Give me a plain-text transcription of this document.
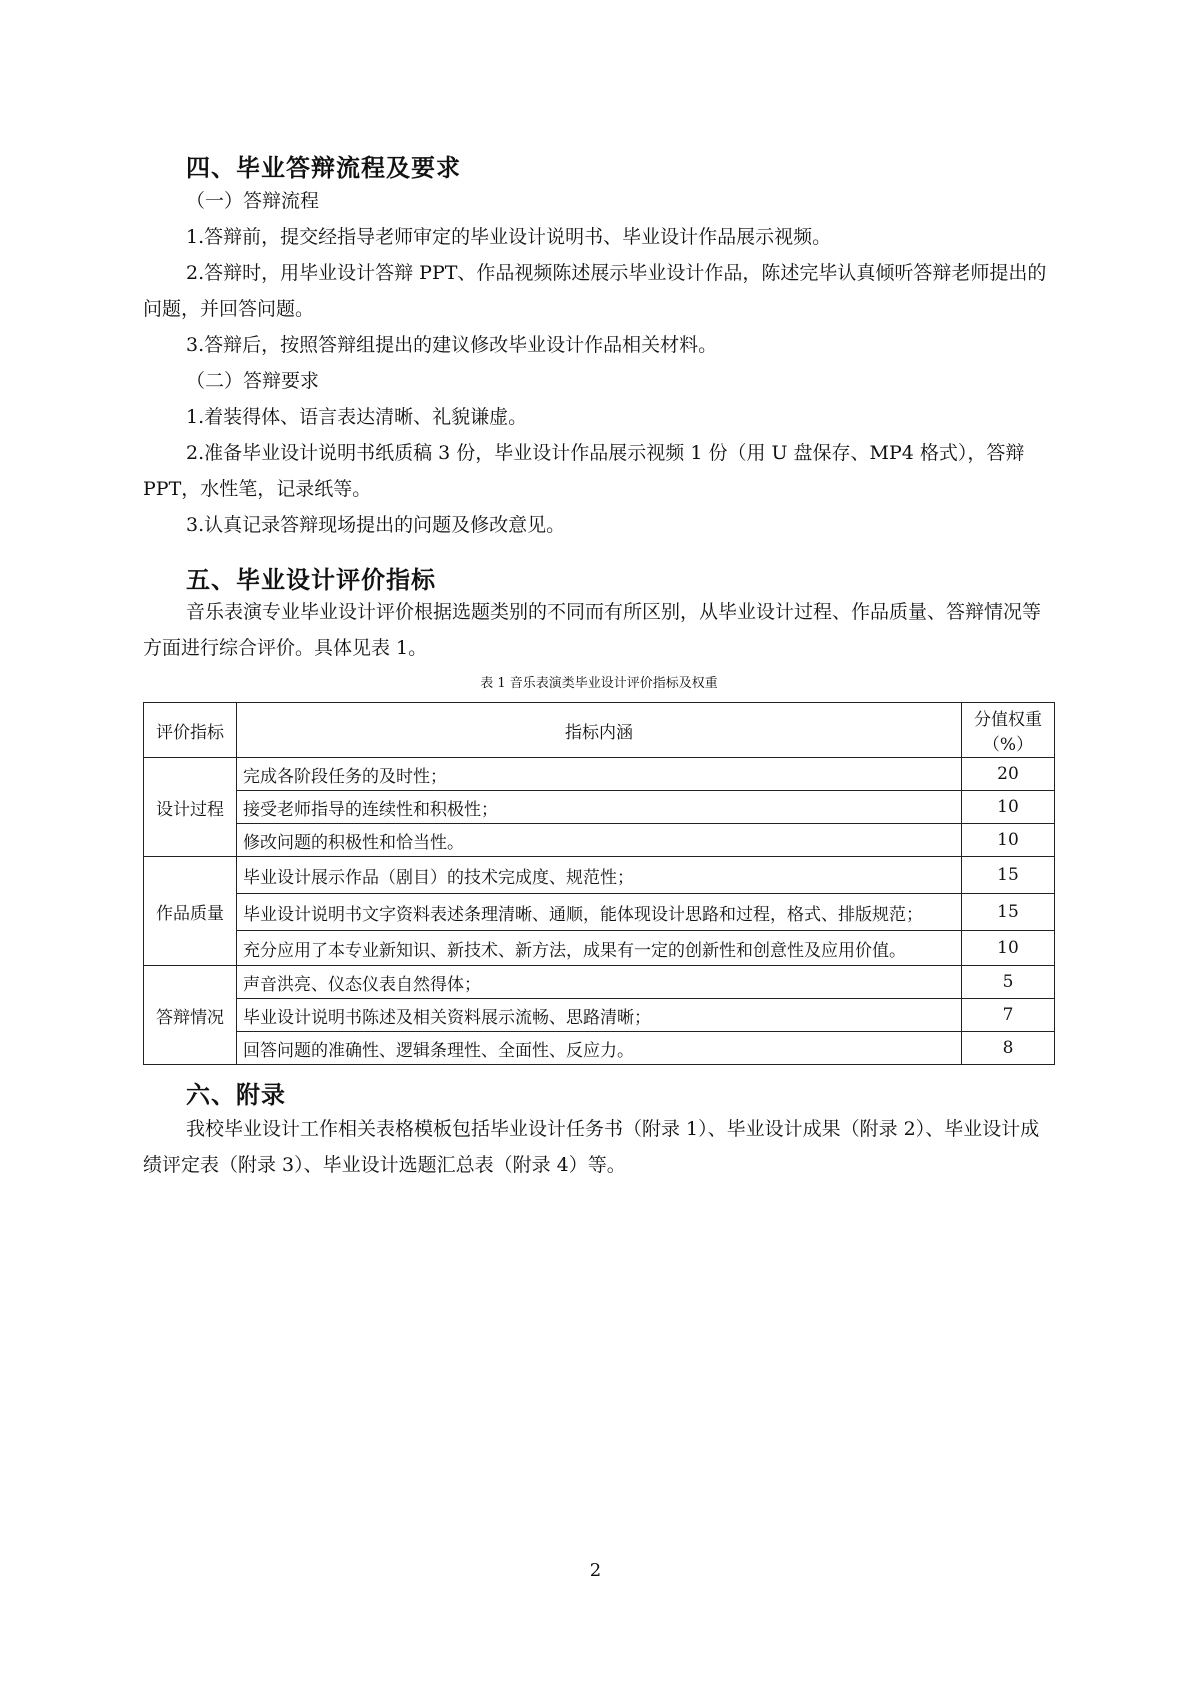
四、毕业答辩流程及要求
（一）答辩流程
1.答辩前，提交经指导老师审定的毕业设计说明书、毕业设计作品展示视频。
2.答辩时，用毕业设计答辩 PPT、作品视频陈述展示毕业设计作品，陈述完毕认真倾听答辩老师提出的问题，并回答问题。
3.答辩后，按照答辩组提出的建议修改毕业设计作品相关材料。
（二）答辩要求
1.着装得体、语言表达清晰、礼貌谦虚。
2.准备毕业设计说明书纸质稿 3 份，毕业设计作品展示视频 1 份（用 U 盘保存、MP4 格式），答辩 PPT，水性笔，记录纸等。
3.认真记录答辩现场提出的问题及修改意见。
五、毕业设计评价指标
音乐表演专业毕业设计评价根据选题类别的不同而有所区别，从毕业设计过程、作品质量、答辩情况等方面进行综合评价。具体见表 1。
表 1 音乐表演类毕业设计评价指标及权重
评价指标	指标内涵	分值权重（%）
设计过程	完成各阶段任务的及时性；	20
	接受老师指导的连续性和积极性；	10
	修改问题的积极性和恰当性。	10
作品质量	毕业设计展示作品（剧目）的技术完成度、规范性；	15
	毕业设计说明书文字资料表述条理清晰、通顺，能体现设计思路和过程，格式、排版规范；	15
	充分应用了本专业新知识、新技术、新方法，成果有一定的创新性和创意性及应用价值。	10
答辩情况	声音洪亮、仪态仪表自然得体；	5
	毕业设计说明书陈述及相关资料展示流畅、思路清晰；	7
	回答问题的准确性、逻辑条理性、全面性、反应力。	8
六、附录
我校毕业设计工作相关表格模板包括毕业设计任务书（附录 1）、毕业设计成果（附录 2）、毕业设计成绩评定表（附录 3）、毕业设计选题汇总表（附录 4）等。
2
